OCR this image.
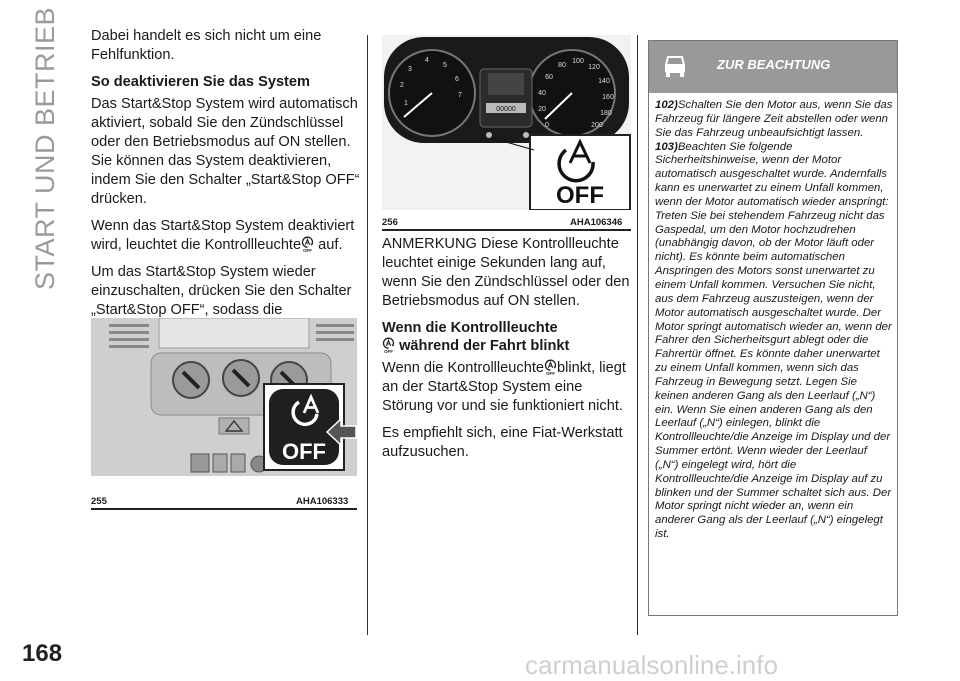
START UND BETRIEB
168	carmanualsonline.info

Dabei handelt es sich nicht um eine Fehlfunktion.

So deaktivieren Sie das System

Das Start&Stop System wird automatisch aktiviert, sobald Sie den Zündschlüssel oder den Betriebsmodus auf ON stellen. Sie können das System deaktivieren, indem Sie den Schalter „Start&Stop OFF“ drücken.

Wenn das Start&Stop System deaktiviert wird, leuchtet die Kontrollleuchte auf.

Um das Start&Stop System wieder einzuschalten, drücken Sie den Schalter „Start&Stop OFF“, sodass die

OFF
255	AHA106333
1
2
3
4
5
6
7
0
20
40
60
80
100
120
140
160
180
200
00000
OFF
256	AHA106346

ANMERKUNG Diese Kontrollleuchte leuchtet einige Sekunden lang auf, wenn Sie den Zündschlüssel oder den Betriebsmodus auf ON stellen.

Wenn die Kontrollleuchte
während der Fahrt blinkt

Wenn die Kontrollleuchte blinkt, liegt an der Start&Stop System eine Störung vor und sie funktioniert nicht.

Es empfiehlt sich, eine Fiat-Werkstatt aufzusuchen.

ZUR BEACHTUNG
102)Schalten Sie den Motor aus, wenn Sie das Fahrzeug für längere Zeit abstellen oder wenn Sie das Fahrzeug unbeaufsichtigt lassen.
103)Beachten Sie folgende Sicherheitshinweise, wenn der Motor automatisch ausgeschaltet wurde. Andernfalls kann es unerwartet zu einem Unfall kommen, wenn der Motor automatisch wieder anspringt: Treten Sie bei stehendem Fahrzeug nicht das Gaspedal, um den Motor hochzudrehen (unabhängig davon, ob der Motor läuft oder nicht). Es könnte beim automatischen Anspringen des Motors sonst unerwartet zu einem Unfall kommen. Versuchen Sie nicht, aus dem Fahrzeug auszusteigen, wenn der Motor automatisch ausgeschaltet wurde. Der Motor springt automatisch wieder an, wenn der Fahrer den Sicherheitsgurt ablegt oder die Fahrertür öffnet. Es könnte daher unerwartet zu einem Unfall kommen, wenn sich das Fahrzeug in Bewegung setzt. Legen Sie keinen anderen Gang als den Leerlauf („N“) ein. Wenn Sie einen anderen Gang als den Leerlauf („N“) einlegen, blinkt die Kontrollleuchte/die Anzeige im Display und der Summer ertönt. Wenn wieder der Leerlauf („N“) eingelegt wird, hört die Kontrollleuchte/die Anzeige im Display auf zu blinken und der Summer schaltet sich aus. Der Motor springt nicht wieder an, wenn ein anderer Gang als der Leerlauf („N“) eingelegt ist.
